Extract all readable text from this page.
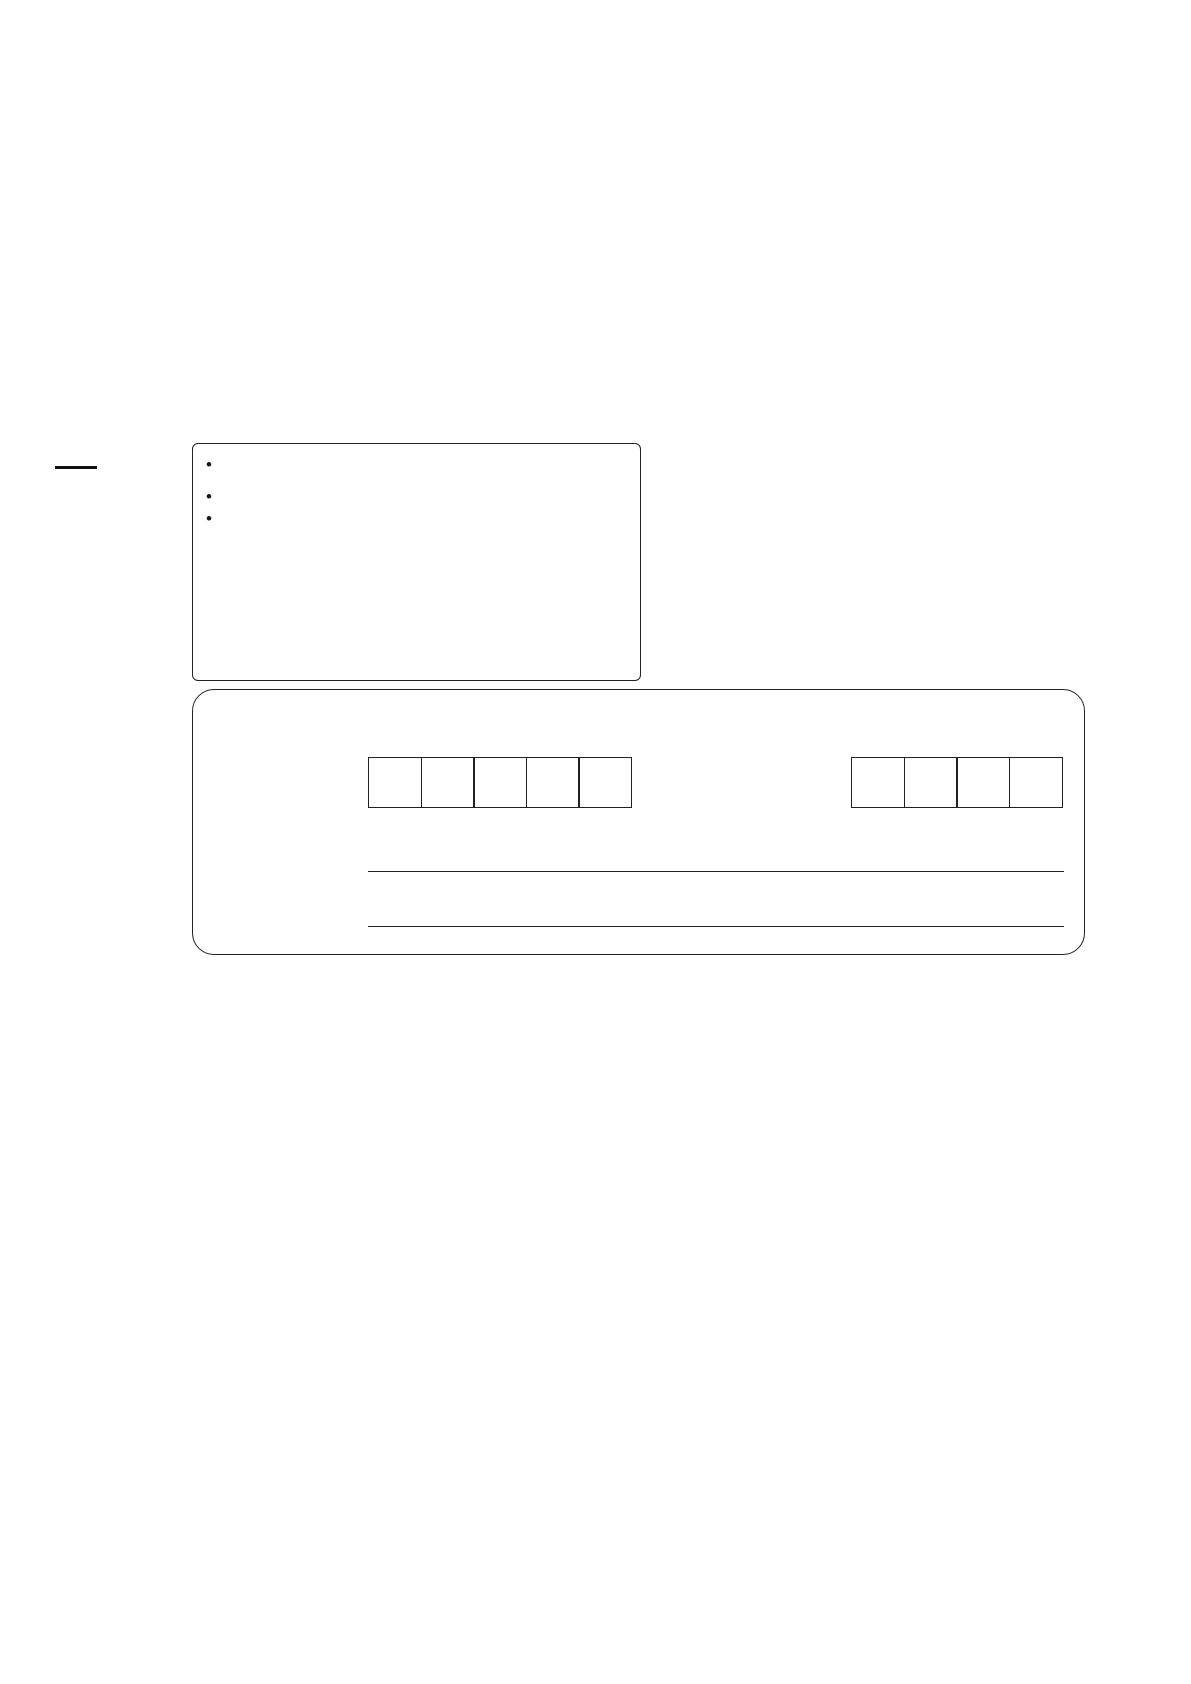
•
•
•
